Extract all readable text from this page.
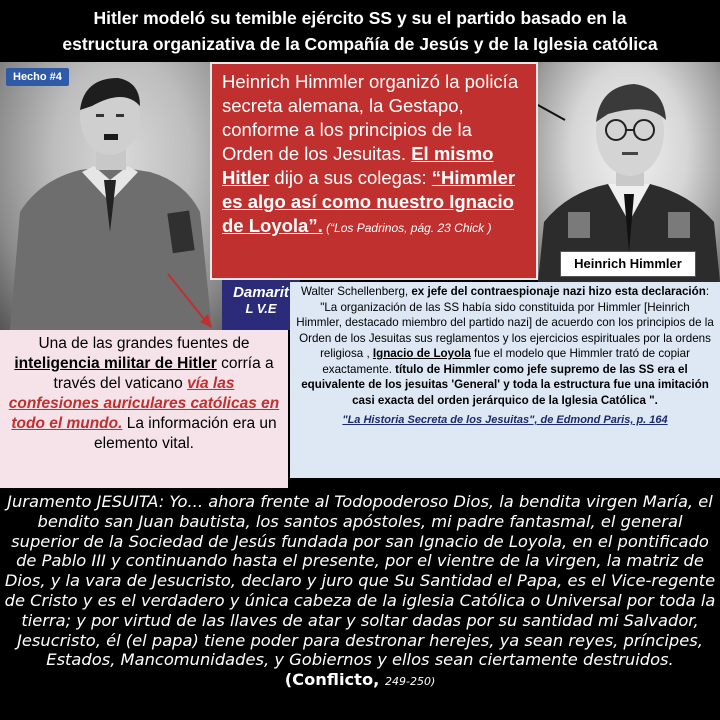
Hitler modeló su temible ejército SS y su el partido basado en la
estructura organizativa de la Compañía de Jesús y de la Iglesia católica
Hecho #4	Heinrich Himmler organizó la policía secreta alemana, la Gestapo, conforme a los principios de la Orden de los Jesuitas. El mismo Hitler dijo a sus colegas: “Himmler es algo así como nuestro Ignacio de Loyola”. (“Los Padrinos, pág. 23 Chick )
Heinrich Himmler
Damarit
L V.E
Una de las grandes fuentes de inteligencia militar de Hitler corría a través del vaticano vía las confesiones auriculares católicas en todo el mundo. La información era un elemento vital.
Walter Schellenberg, ex jefe del contraespionaje nazi hizo esta declaración: "La organización de las SS había sido constituida por Himmler [Heinrich Himmler, destacado miembro del partido nazi] de acuerdo con los principios de la Orden de los Jesuitas sus reglamentos y los ejercicios espirituales por la ordens religiosa , Ignacio de Loyola fue el modelo que Himmler trató de copiar exactamente. título de Himmler como jefe supremo de las SS era el equivalente de los jesuitas 'General' y toda la estructura fue una imitación casi exacta del orden jerárquico de la Iglesia Católica ".
"La Historia Secreta de los Jesuitas", de Edmond Paris, p. 164
Juramento JESUITA: Yo... ahora frente al Todopoderoso Dios, la bendita virgen María, el bendito san Juan bautista, los santos apóstoles, mi padre fantasmal, el general superior de la Sociedad de Jesús fundada por san Ignacio de Loyola, en el pontificado de Pablo III y continuando hasta el presente, por el vientre de la virgen, la matriz de Dios, y la vara de Jesucristo, declaro y juro que Su Santidad el Papa, es el Vice-regente de Cristo y es el verdadero y única cabeza de la iglesia Católica o Universal por toda la tierra; y por virtud de las llaves de atar y soltar dadas por su santidad mi Salvador, Jesucristo, él (el papa) tiene poder para destronar herejes, ya sean reyes, príncipes, Estados, Mancomunidades, y Gobiernos y ellos sean ciertamente destruidos.(Conflicto, 249-250)
